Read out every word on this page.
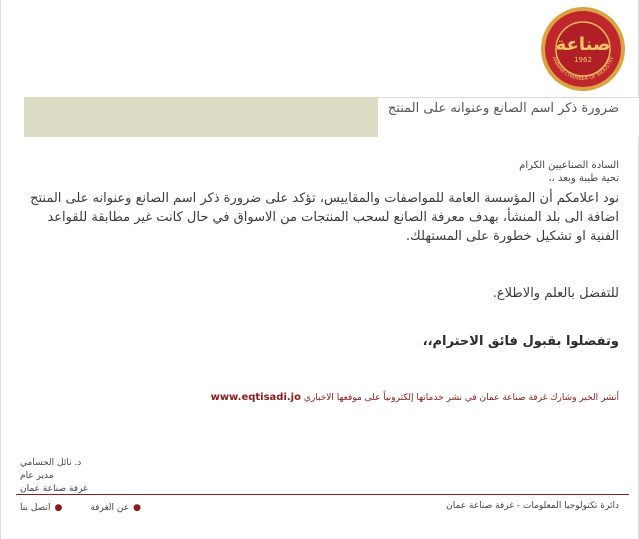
صناعة
1962
AMMAN CHAMBER OF INDUSTRY
ضرورة ذكر اسم الصانع وعنوانه على المنتج
السادة الصناعيين الكرام
تحية طيبة وبعد ،،
نود اعلامكم أن المؤسسة العامة للمواصفات والمقاييس، تؤكد على ضرورة ذكر اسم الصانع وعنوانه على المنتج اضافة الى بلد المنشأ، بهدف معرفة الصانع لسحب المنتجات من الاسواق في حال كانت غير مطابقة للقواعد الفنية او تشكيل خطورة على المستهلك.
للتفضل بالعلم والاطلاع.
وتفضلوا بقبول فائق الاحترام،،
أنشر الخبر وشارك غرفة صناعة عمان في نشر خدماتها إلكترونياً على موقعها الاخباري www.eqtisadi.jo
د. نائل الحسامي
مدير عام
غرفة صناعة عمان
●
عن الغرفة
●
اتصل بنا	دائرة تكنولوجيا المعلومات - غرفة صناعة عمان
